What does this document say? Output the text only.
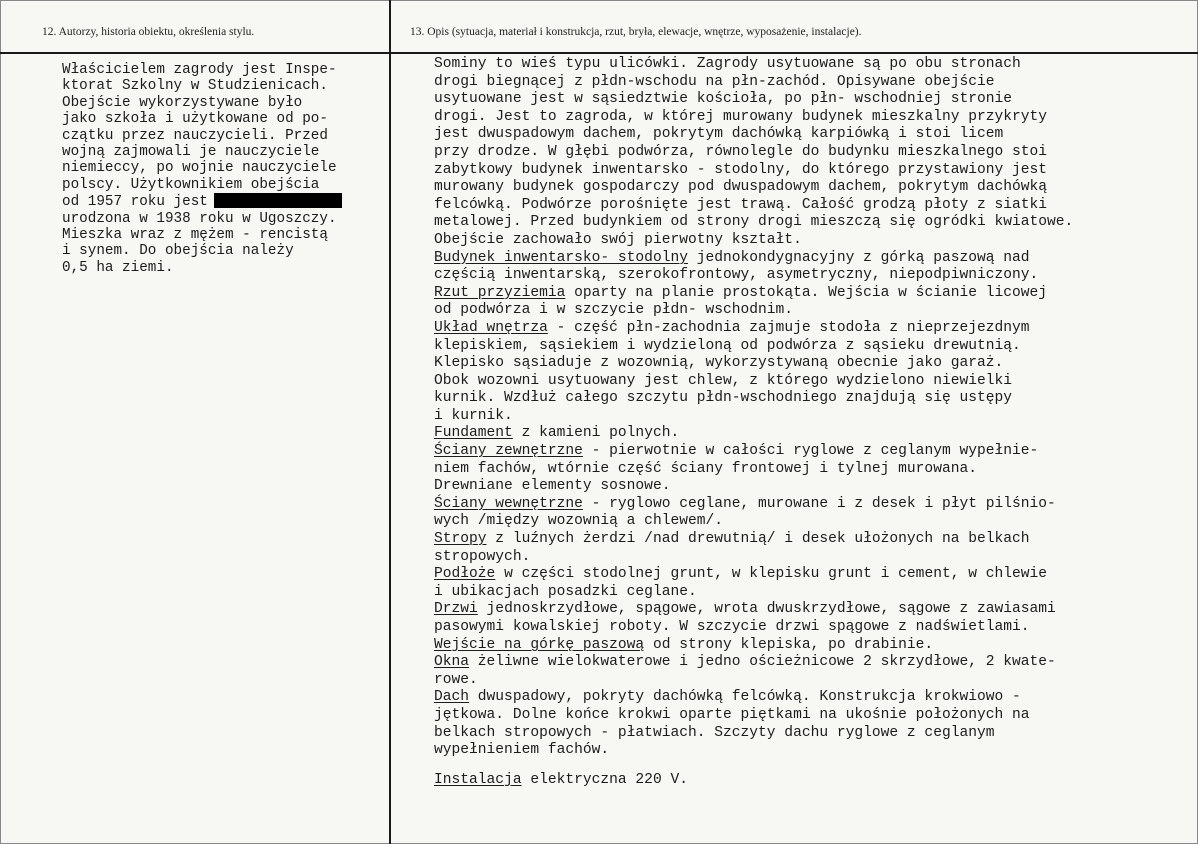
12. Autorzy, historia obiektu, określenia stylu.	13. Opis (sytuacja, materiał i konstrukcja, rzut, bryła, elewacje, wnętrze, wyposażenie, instalacje).
Właścicielem zagrody jest Inspe-
ktorat Szkolny w Studzienicach.
Obejście wykorzystywane było
jako szkoła i użytkowane od po-
czątku przez nauczycieli. Przed
wojną zajmowali je nauczyciele
niemieccy, po wojnie nauczyciele
polscy. Użytkownikiem obejścia
od 1957 roku jest
urodzona w 1938 roku w Ugoszczy.
Mieszka wraz z mężem - rencistą
i synem. Do obejścia należy
0,5 ha ziemi.
Sominy to wieś typu ulicówki. Zagrody usytuowane są po obu stronach
drogi biegnącej z płdn-wschodu na płn-zachód. Opisywane obejście
usytuowane jest w sąsiedztwie kościoła, po płn- wschodniej stronie
drogi. Jest to zagroda, w której murowany budynek mieszkalny przykryty
jest dwuspadowym dachem, pokrytym dachówką karpiówką i stoi licem
przy drodze. W głębi podwórza, równolegle do budynku mieszkalnego stoi
zabytkowy budynek inwentarsko - stodolny, do którego przystawiony jest
murowany budynek gospodarczy pod dwuspadowym dachem, pokrytym dachówką
felcówką. Podwórze porośnięte jest trawą. Całość grodzą płoty z siatki
metalowej. Przed budynkiem od strony drogi mieszczą się ogródki kwiatowe.
Obejście zachowało swój pierwotny kształt.
Budynek inwentarsko- stodolny jednokondygnacyjny z górką paszową nad
częścią inwentarską, szerokofrontowy, asymetryczny, niepodpiwniczony.
Rzut przyziemia oparty na planie prostokąta. Wejścia w ścianie licowej
od podwórza i w szczycie płdn- wschodnim.
Układ wnętrza - część płn-zachodnia zajmuje stodoła z nieprzejezdnym
klepiskiem, sąsiekiem i wydzieloną od podwórza z sąsieku drewutnią.
Klepisko sąsiaduje z wozownią, wykorzystywaną obecnie jako garaż.
Obok wozowni usytuowany jest chlew, z którego wydzielono niewielki
kurnik. Wzdłuż całego szczytu płdn-wschodniego znajdują się ustępy
i kurnik.
Fundament z kamieni polnych.
Ściany zewnętrzne - pierwotnie w całości ryglowe z ceglanym wypełnie-
niem fachów, wtórnie część ściany frontowej i tylnej murowana.
Drewniane elementy sosnowe.
Ściany wewnętrzne - ryglowo ceglane, murowane i z desek i płyt pilśnio-
wych /między wozownią a chlewem/.
Stropy z luźnych żerdzi /nad drewutnią/ i desek ułożonych na belkach
stropowych.
Podłoże w części stodolnej grunt, w klepisku grunt i cement, w chlewie
i ubikacjach posadzki ceglane.
Drzwi jednoskrzydłowe, spągowe, wrota dwuskrzydłowe, sągowe z zawiasami
pasowymi kowalskiej roboty. W szczycie drzwi spągowe z nadświetlami.
Wejście na górkę paszową od strony klepiska, po drabinie.
Okna żeliwne wielokwaterowe i jedno ościeżnicowe 2 skrzydłowe, 2 kwate-
rowe.
Dach dwuspadowy, pokryty dachówką felcówką. Konstrukcja krokwiowo -
jętkowa. Dolne końce krokwi oparte piętkami na ukośnie położonych na
belkach stropowych - płatwiach. Szczyty dachu ryglowe z ceglanym
wypełnieniem fachów.
Instalacja elektryczna 220 V.
